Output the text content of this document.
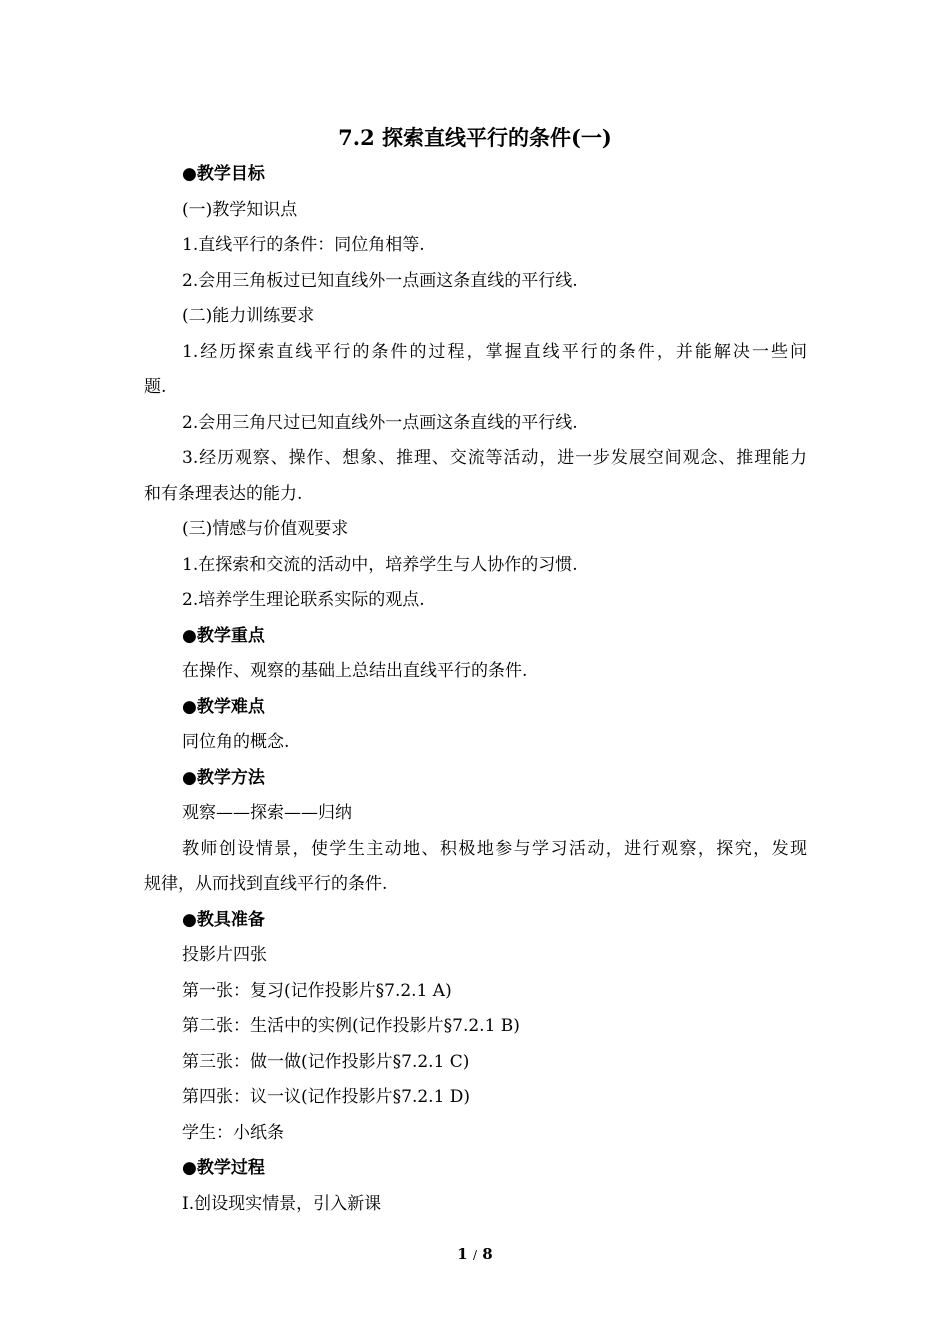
7.2 探索直线平行的条件(一)
●教学目标
(一)教学知识点
1.直线平行的条件：同位角相等.
2.会用三角板过已知直线外一点画这条直线的平行线.
(二)能力训练要求
1.经历探索直线平行的条件的过程，掌握直线平行的条件，并能解决一些问
题.
2.会用三角尺过已知直线外一点画这条直线的平行线.
3.经历观察、操作、想象、推理、交流等活动，进一步发展空间观念、推理能力
和有条理表达的能力.
(三)情感与价值观要求
1.在探索和交流的活动中，培养学生与人协作的习惯.
2.培养学生理论联系实际的观点.
●教学重点
在操作、观察的基础上总结出直线平行的条件.
●教学难点
同位角的概念.
●教学方法
观察——探索——归纳
教师创设情景，使学生主动地、积极地参与学习活动，进行观察，探究，发现
规律，从而找到直线平行的条件.
●教具准备
投影片四张
第一张：复习(记作投影片§7.2.1 A)
第二张：生活中的实例(记作投影片§7.2.1 B)
第三张：做一做(记作投影片§7.2.1 C)
第四张：议一议(记作投影片§7.2.1 D)
学生：小纸条
●教学过程
Ⅰ.创设现实情景，引入新课
1 / 8
